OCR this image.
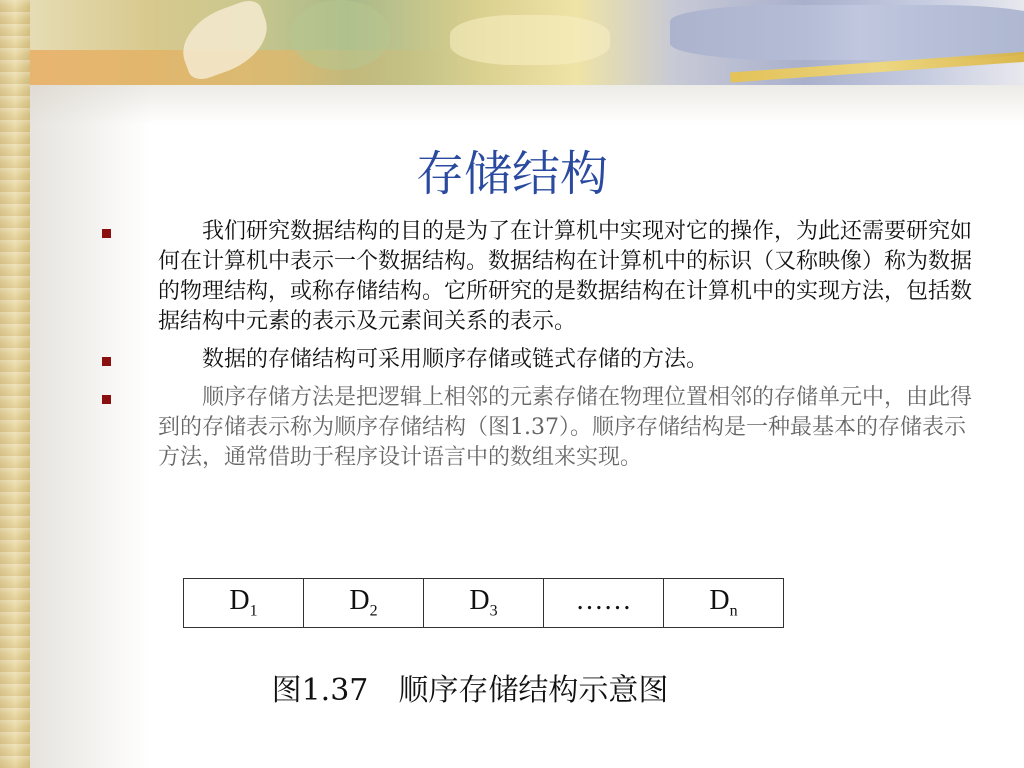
存储结构
　　我们研究数据结构的目的是为了在计算机中实现对它的操作，为此还需要研究如何在计算机中表示一个数据结构。数据结构在计算机中的标识（又称映像）称为数据的物理结构，或称存储结构。它所研究的是数据结构在计算机中的实现方法，包括数据结构中元素的表示及元素间关系的表示。
　　数据的存储结构可采用顺序存储或链式存储的方法。
　　顺序存储方法是把逻辑上相邻的元素存储在物理位置相邻的存储单元中，由此得到的存储表示称为顺序存储结构（图1.37）。顺序存储结构是一种最基本的存储表示方法，通常借助于程序设计语言中的数组来实现。
$D_1$	$D_2$	$D_3$	……	$D_n$
图1.37　顺序存储结构示意图
